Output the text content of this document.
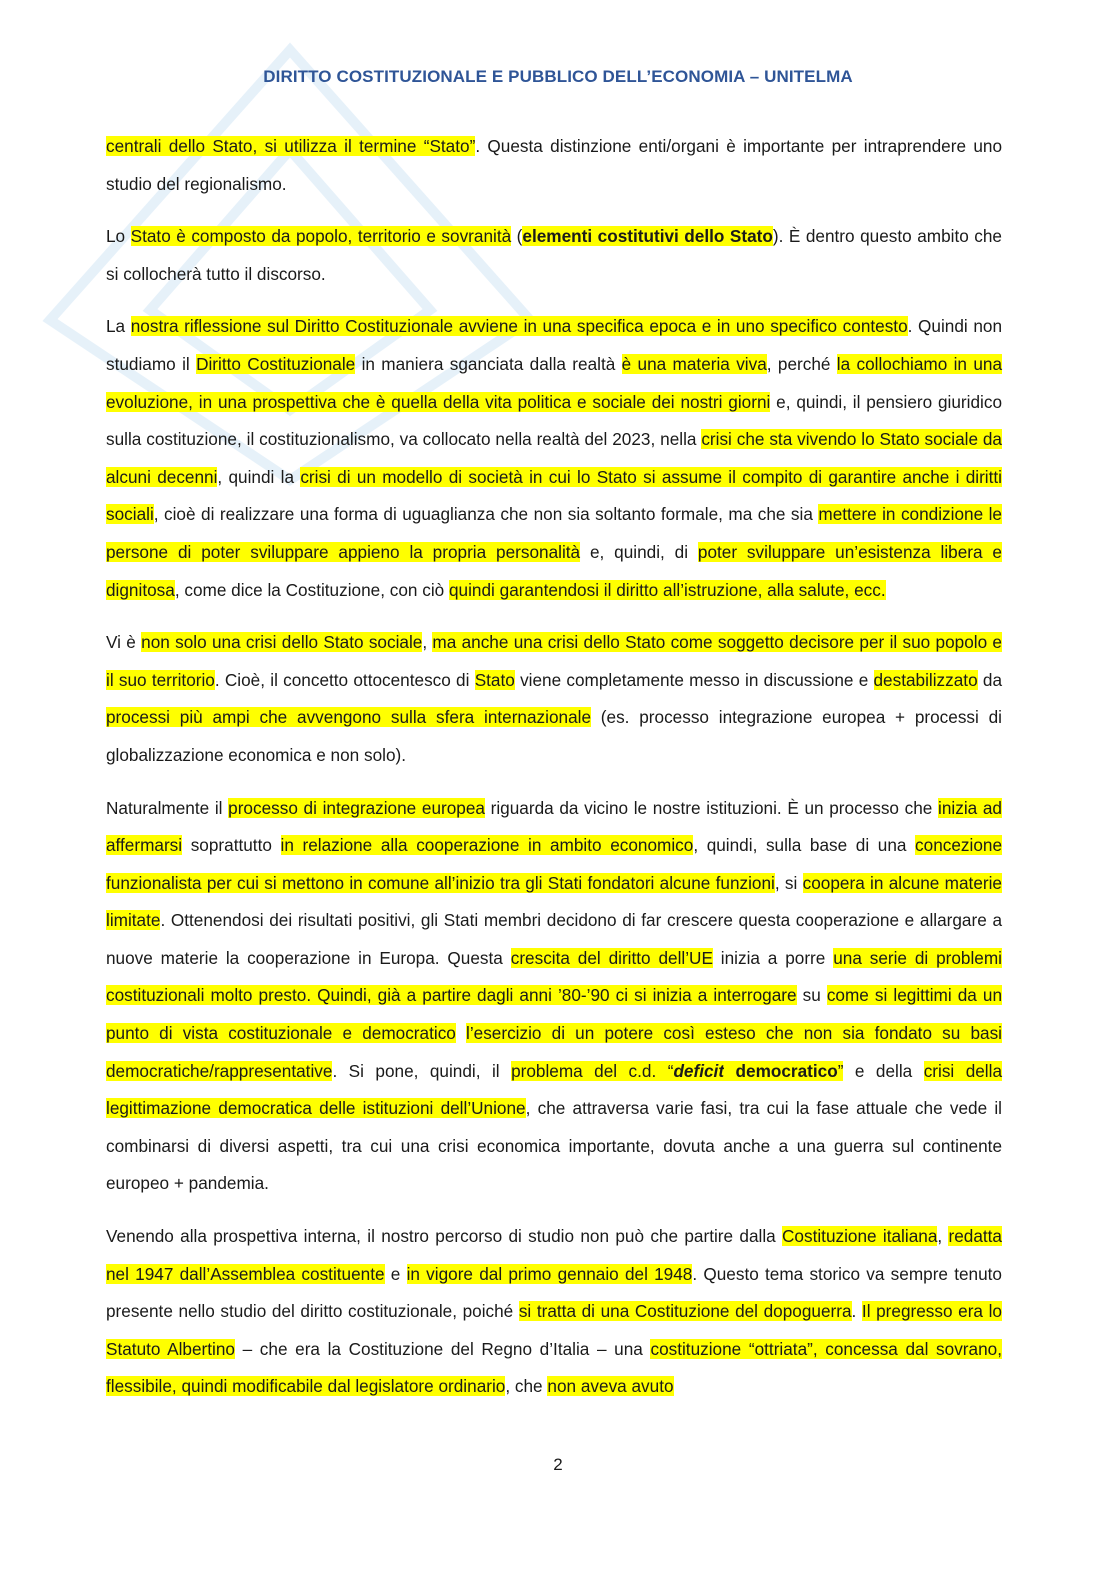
DIRITTO COSTITUZIONALE E PUBBLICO DELL’ECONOMIA – UNITELMA

centrali dello Stato, si utilizza il termine “Stato”. Questa distinzione enti/organi è importante per intraprendere uno studio del regionalismo.

Lo Stato è composto da popolo, territorio e sovranità (elementi costitutivi dello Stato). È dentro questo ambito che si collocherà tutto il discorso.

La nostra riflessione sul Diritto Costituzionale avviene in una specifica epoca e in uno specifico contesto. Quindi non studiamo il Diritto Costituzionale in maniera sganciata dalla realtà è una materia viva, perché la collochiamo in una evoluzione, in una prospettiva che è quella della vita politica e sociale dei nostri giorni e, quindi, il pensiero giuridico sulla costituzione, il costituzionalismo, va collocato nella realtà del 2023, nella crisi che sta vivendo lo Stato sociale da alcuni decenni, quindi la crisi di un modello di società in cui lo Stato si assume il compito di garantire anche i diritti sociali, cioè di realizzare una forma di uguaglianza che non sia soltanto formale, ma che sia mettere in condizione le persone di poter sviluppare appieno la propria personalità e, quindi, di poter sviluppare un’esistenza libera e dignitosa, come dice la Costituzione, con ciò quindi garantendosi il diritto all’istruzione, alla salute, ecc.

Vi è non solo una crisi dello Stato sociale, ma anche una crisi dello Stato come soggetto decisore per il suo popolo e il suo territorio. Cioè, il concetto ottocentesco di Stato viene completamente messo in discussione e destabilizzato da processi più ampi che avvengono sulla sfera internazionale (es. processo integrazione europea + processi di globalizzazione economica e non solo).

Naturalmente il processo di integrazione europea riguarda da vicino le nostre istituzioni. È un processo che inizia ad affermarsi soprattutto in relazione alla cooperazione in ambito economico, quindi, sulla base di una concezione funzionalista per cui si mettono in comune all’inizio tra gli Stati fondatori alcune funzioni, si coopera in alcune materie limitate. Ottenendosi dei risultati positivi, gli Stati membri decidono di far crescere questa cooperazione e allargare a nuove materie la cooperazione in Europa. Questa crescita del diritto dell’UE inizia a porre una serie di problemi costituzionali molto presto. Quindi, già a partire dagli anni ’80-’90 ci si inizia a interrogare su come si legittimi da un punto di vista costituzionale e democratico l’esercizio di un potere così esteso che non sia fondato su basi democratiche/rappresentative. Si pone, quindi, il problema del c.d. “deficit democratico” e della crisi della legittimazione democratica delle istituzioni dell’Unione, che attraversa varie fasi, tra cui la fase attuale che vede il combinarsi di diversi aspetti, tra cui una crisi economica importante, dovuta anche a una guerra sul continente europeo + pandemia.

Venendo alla prospettiva interna, il nostro percorso di studio non può che partire dalla Costituzione italiana, redatta nel 1947 dall’Assemblea costituente e in vigore dal primo gennaio del 1948. Questo tema storico va sempre tenuto presente nello studio del diritto costituzionale, poiché si tratta di una Costituzione del dopoguerra. Il pregresso era lo Statuto Albertino – che era la Costituzione del Regno d’Italia – una costituzione “ottriata”, concessa dal sovrano, flessibile, quindi modificabile dal legislatore ordinario, che non aveva avuto

2
